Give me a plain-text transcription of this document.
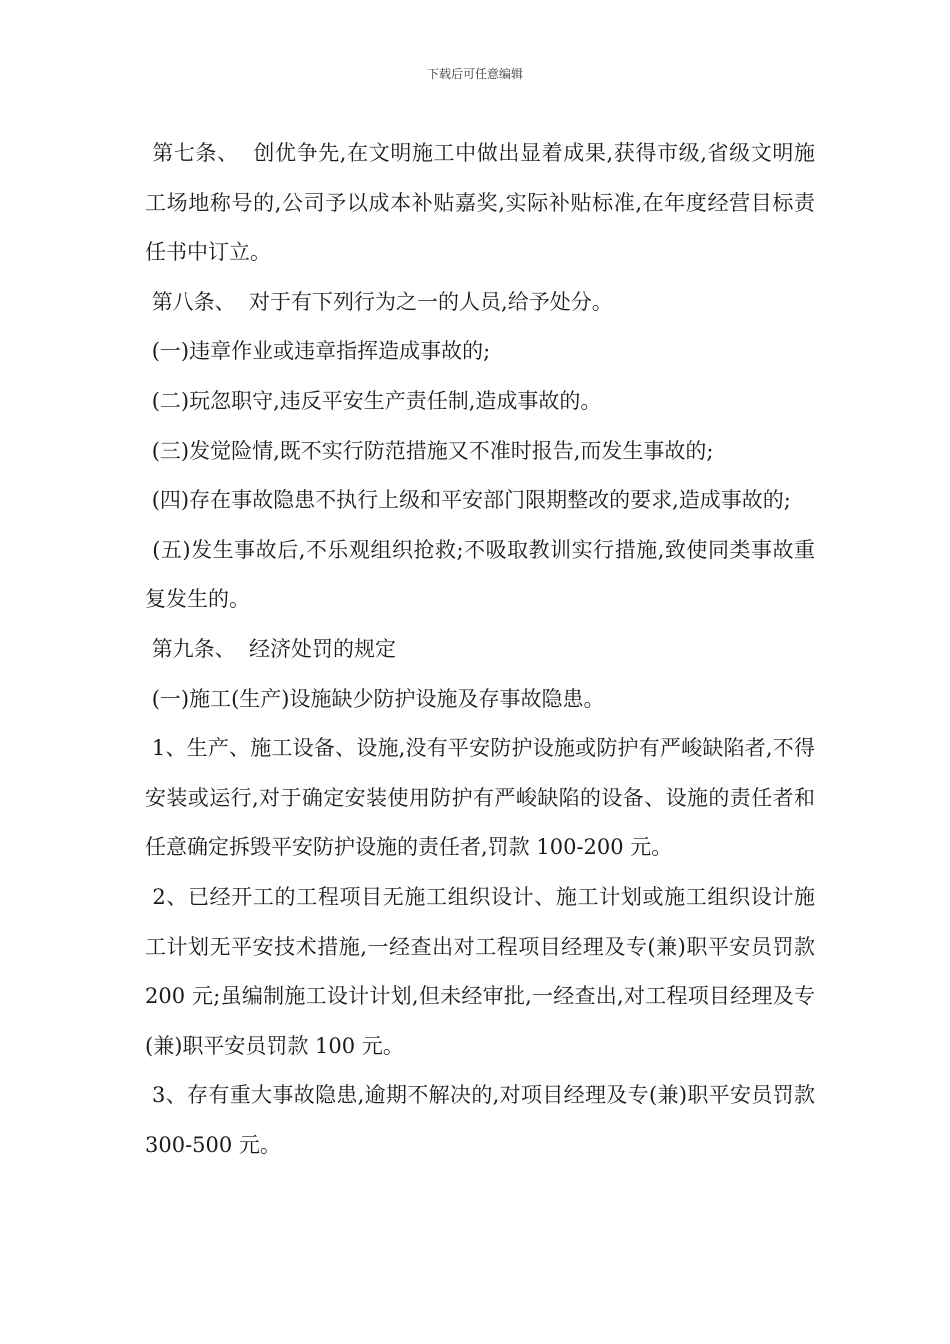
下载后可任意编辑

第七条、  创优争先,在文明施工中做出显着成果,获得市级,省级文明施工场地称号的,公司予以成本补贴嘉奖,实际补贴标准,在年度经营目标责任书中订立。

第八条、  对于有下列行为之一的人员,给予处分。

(一)违章作业或违章指挥造成事故的;

(二)玩忽职守,违反平安生产责任制,造成事故的。

(三)发觉险情,既不实行防范措施又不准时报告,而发生事故的;

(四)存在事故隐患不执行上级和平安部门限期整改的要求,造成事故的;

(五)发生事故后,不乐观组织抢救;不吸取教训实行措施,致使同类事故重复发生的。

第九条、  经济处罚的规定

(一)施工(生产)设施缺少防护设施及存事故隐患。

1、生产、施工设备、设施,没有平安防护设施或防护有严峻缺陷者,不得安装或运行,对于确定安装使用防护有严峻缺陷的设备、设施的责任者和任意确定拆毁平安防护设施的责任者,罚款 100-200 元。

2、已经开工的工程项目无施工组织设计、施工计划或施工组织设计施工计划无平安技术措施,一经查出对工程项目经理及专(兼)职平安员罚款 200 元;虽编制施工设计计划,但未经审批,一经查出,对工程项目经理及专(兼)职平安员罚款 100 元。

3、存有重大事故隐患,逾期不解决的,对项目经理及专(兼)职平安员罚款 300-500 元。
